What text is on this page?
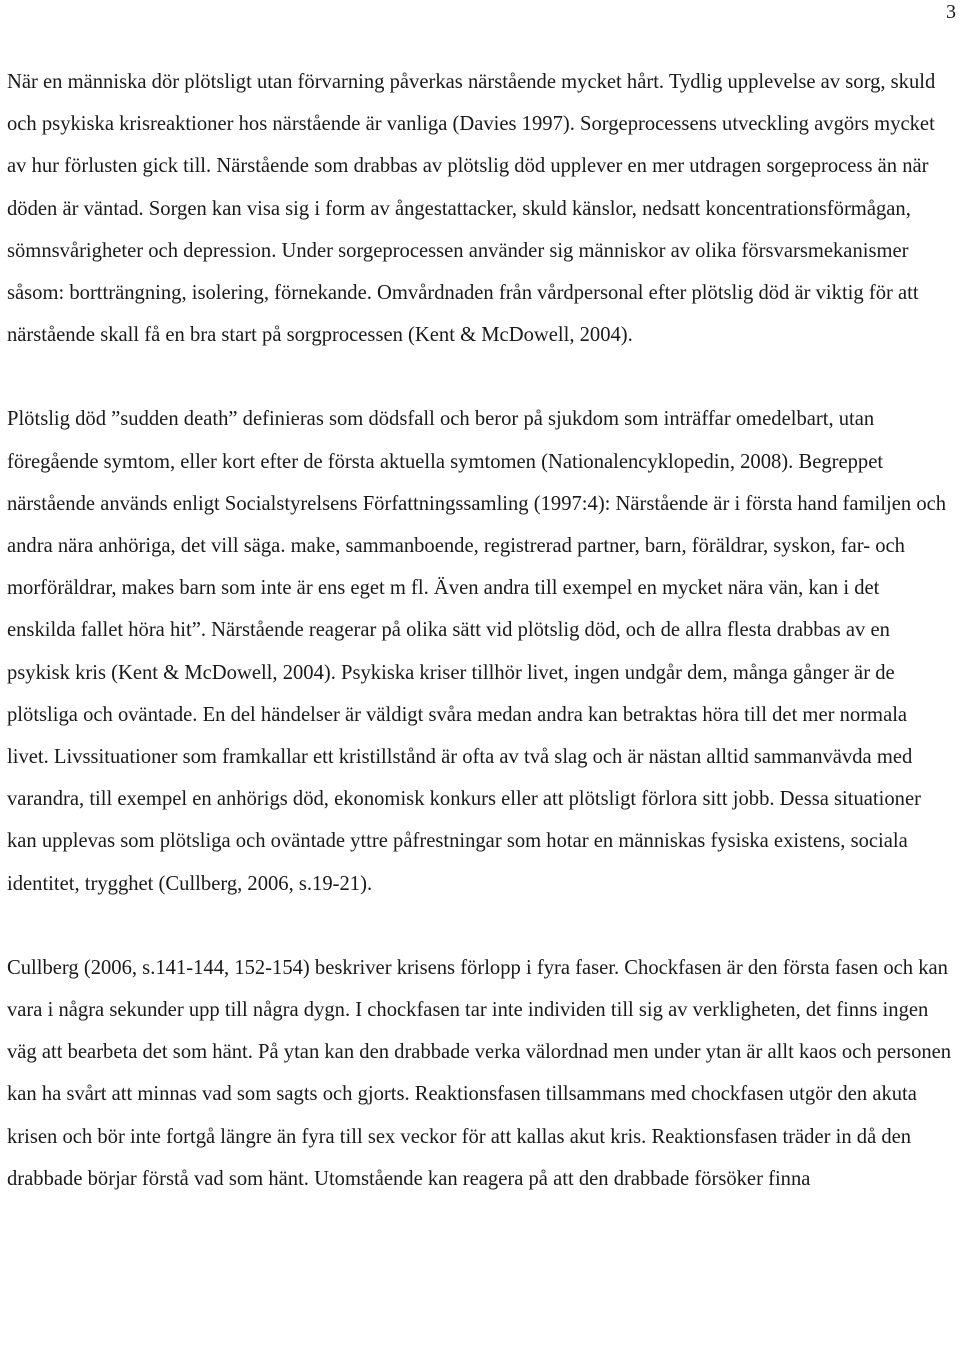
3

När en människa dör plötsligt utan förvarning påverkas närstående mycket hårt. Tydlig upplevelse av sorg, skuld och psykiska krisreaktioner hos närstående är vanliga (Davies 1997). Sorgeprocessens utveckling avgörs mycket av hur förlusten gick till. Närstående som drabbas av plötslig död upplever en mer utdragen sorgeprocess än när döden är väntad. Sorgen kan visa sig i form av ångestattacker, skuld känslor, nedsatt koncentrationsförmågan, sömnsvårigheter och depression. Under sorgeprocessen använder sig människor av olika försvarsmekanismer såsom: bortträngning, isolering, förnekande. Omvårdnaden från vårdpersonal efter plötslig död är viktig för att närstående skall få en bra start på sorgprocessen (Kent & McDowell, 2004).

Plötslig död ”sudden death” definieras som dödsfall och beror på sjukdom som inträffar omedelbart, utan föregående symtom, eller kort efter de första aktuella symtomen (Nationalencyklopedin, 2008). Begreppet närstående används enligt Socialstyrelsens Författningssamling (1997:4): Närstående är i första hand familjen och andra nära anhöriga, det vill säga. make, sammanboende, registrerad partner, barn, föräldrar, syskon, far- och morföräldrar, makes barn som inte är ens eget m fl. Även andra till exempel en mycket nära vän, kan i det enskilda fallet höra hit”. Närstående reagerar på olika sätt vid plötslig död, och de allra flesta drabbas av en psykisk kris (Kent & McDowell, 2004). Psykiska kriser tillhör livet, ingen undgår dem, många gånger är de plötsliga och oväntade. En del händelser är väldigt svåra medan andra kan betraktas höra till det mer normala livet. Livssituationer som framkallar ett kristillstånd är ofta av två slag och är nästan alltid sammanvävda med varandra, till exempel en anhörigs död, ekonomisk konkurs eller att plötsligt förlora sitt jobb. Dessa situationer kan upplevas som plötsliga och oväntade yttre påfrestningar som hotar en människas fysiska existens, sociala identitet, trygghet (Cullberg, 2006, s.19-21).

Cullberg (2006, s.141-144, 152-154) beskriver krisens förlopp i fyra faser. Chockfasen är den första fasen och kan vara i några sekunder upp till några dygn. I chockfasen tar inte individen till sig av verkligheten, det finns ingen väg att bearbeta det som hänt. På ytan kan den drabbade verka välordnad men under ytan är allt kaos och personen kan ha svårt att minnas vad som sagts och gjorts. Reaktionsfasen tillsammans med chockfasen utgör den akuta krisen och bör inte fortgå längre än fyra till sex veckor för att kallas akut kris. Reaktionsfasen träder in då den drabbade börjar förstå vad som hänt. Utomstående kan reagera på att den drabbade försöker finna
